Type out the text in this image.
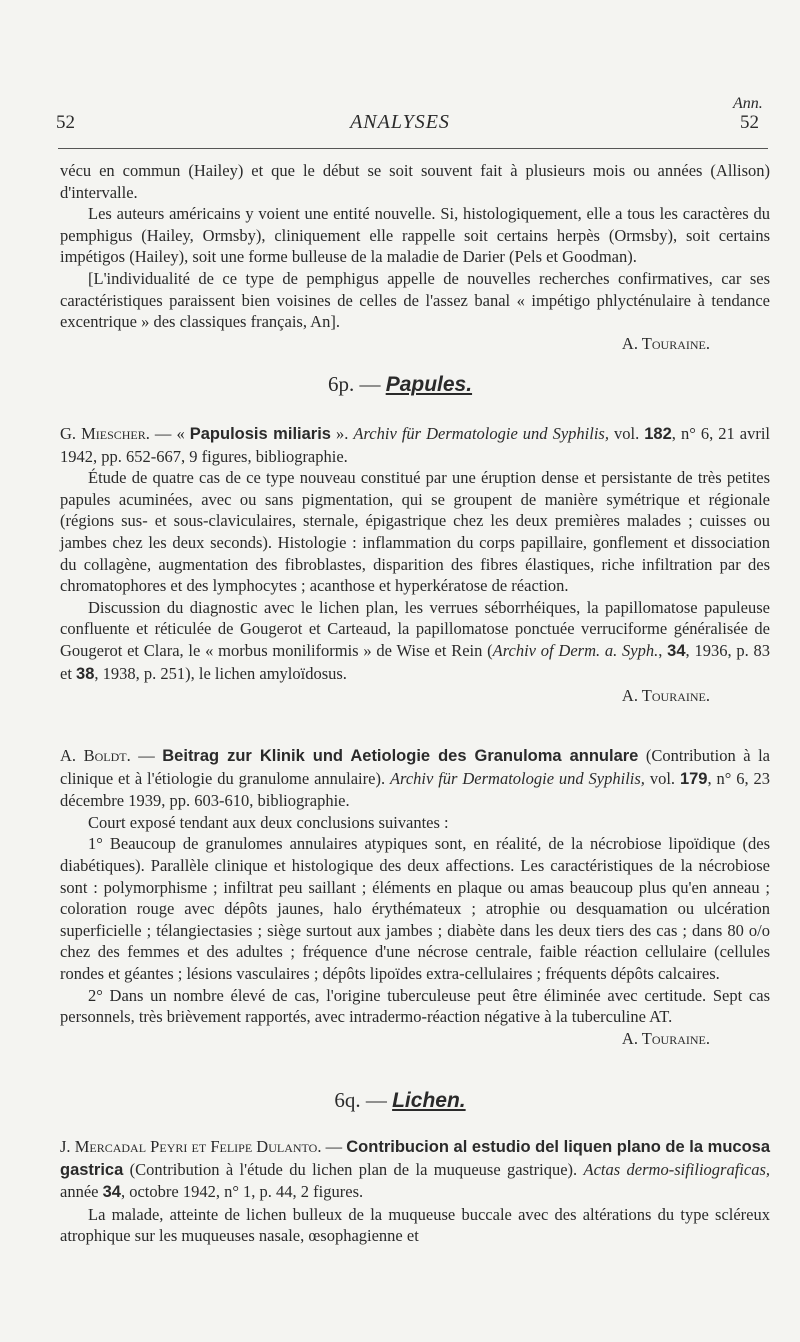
Ann.
52	ANALYSES	52

vécu en commun (Hailey) et que le début se soit souvent fait à plusieurs mois ou années (Allison) d'intervalle.

Les auteurs américains y voient une entité nouvelle. Si, histologiquement, elle a tous les caractères du pemphigus (Hailey, Ormsby), cliniquement elle rappelle soit certains herpès (Ormsby), soit certains impétigos (Hailey), soit une forme bulleuse de la maladie de Darier (Pels et Goodman).

[L'individualité de ce type de pemphigus appelle de nouvelles recherches confirmatives, car ses caractéristiques paraissent bien voisines de celles de l'assez banal « impétigo phlycténulaire à tendance excentrique » des classiques français, An].

A. Touraine.

6p. — Papules.

G. Miescher. — « Papulosis miliaris ». Archiv für Dermatologie und Syphilis, vol. 182, n° 6, 21 avril 1942, pp. 652-667, 9 figures, bibliographie.

Étude de quatre cas de ce type nouveau constitué par une éruption dense et persistante de très petites papules acuminées, avec ou sans pigmentation, qui se groupent de manière symétrique et régionale (régions sus- et sous-claviculaires, sternale, épigastrique chez les deux premières malades ; cuisses ou jambes chez les deux seconds). Histologie : inflammation du corps papillaire, gonflement et dissociation du collagène, augmentation des fibroblastes, disparition des fibres élastiques, riche infiltration par des chromatophores et des lymphocytes ; acanthose et hyperkératose de réaction.

Discussion du diagnostic avec le lichen plan, les verrues séborrhéiques, la papillomatose papuleuse confluente et réticulée de Gougerot et Carteaud, la papillomatose ponctuée verruciforme généralisée de Gougerot et Clara, le « morbus moniliformis » de Wise et Rein (Archiv of Derm. a. Syph., 34, 1936, p. 83 et 38, 1938, p. 251), le lichen amyloïdosus.

A. Touraine.

A. Boldt. — Beitrag zur Klinik und Aetiologie des Granuloma annulare (Contribution à la clinique et à l'étiologie du granulome annulaire). Archiv für Dermatologie und Syphilis, vol. 179, n° 6, 23 décembre 1939, pp. 603-610, bibliographie.

Court exposé tendant aux deux conclusions suivantes :

1° Beaucoup de granulomes annulaires atypiques sont, en réalité, de la nécrobiose lipoïdique (des diabétiques). Parallèle clinique et histologique des deux affections. Les caractéristiques de la nécrobiose sont : polymorphisme ; infiltrat peu saillant ; éléments en plaque ou amas beaucoup plus qu'en anneau ; coloration rouge avec dépôts jaunes, halo érythémateux ; atrophie ou desquamation ou ulcération superficielle ; télangiectasies ; siège surtout aux jambes ; diabète dans les deux tiers des cas ; dans 80 o/o chez des femmes et des adultes ; fréquence d'une nécrose centrale, faible réaction cellulaire (cellules rondes et géantes ; lésions vasculaires ; dépôts lipoïdes extra-cellulaires ; fréquents dépôts calcaires.

2° Dans un nombre élevé de cas, l'origine tuberculeuse peut être éliminée avec certitude. Sept cas personnels, très brièvement rapportés, avec intradermo-réaction négative à la tuberculine AT.

A. Touraine.

6q. — Lichen.

J. Mercadal Peyri et Felipe Dulanto. — Contribucion al estudio del liquen plano de la mucosa gastrica (Contribution à l'étude du lichen plan de la muqueuse gastrique). Actas dermo-sifiliograficas, année 34, octobre 1942, n° 1, p. 44, 2 figures.

La malade, atteinte de lichen bulleux de la muqueuse buccale avec des altérations du type scléreux atrophique sur les muqueuses nasale, œsophagienne et
